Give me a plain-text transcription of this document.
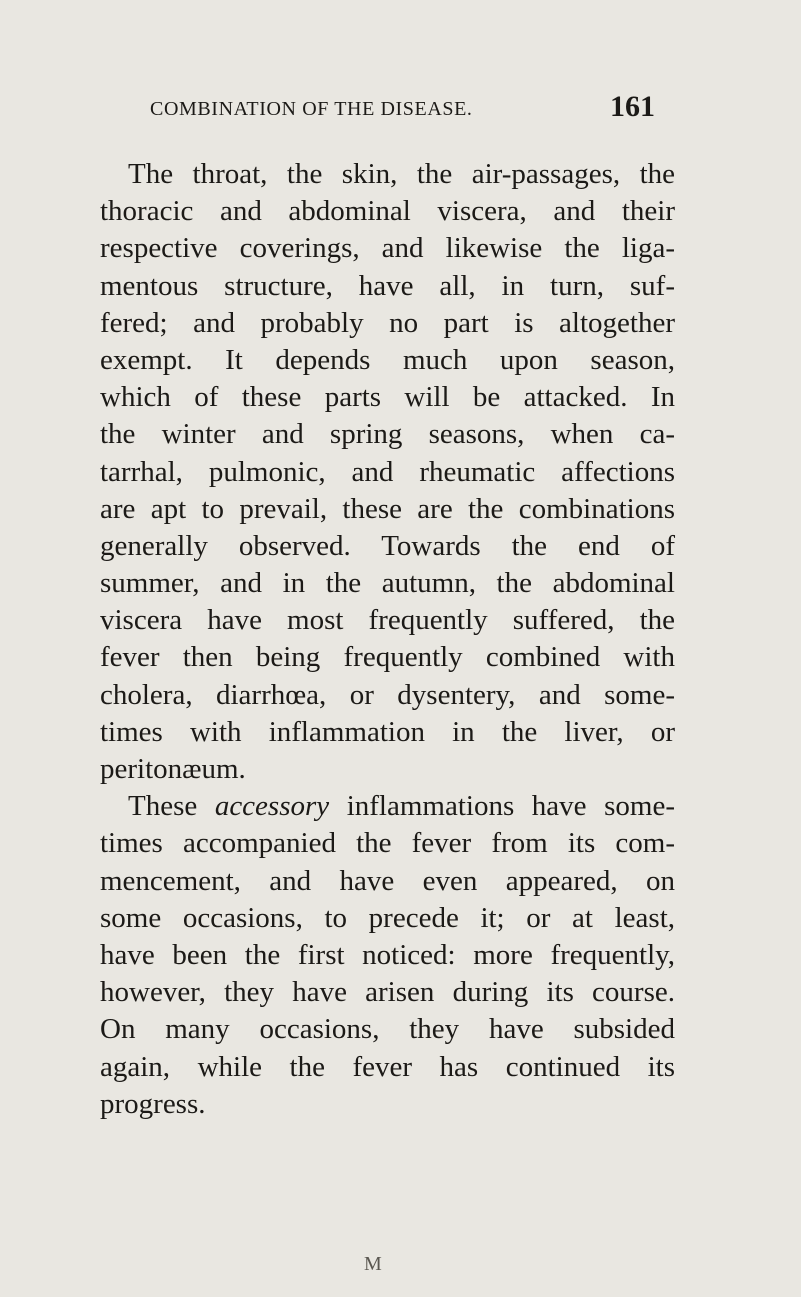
COMBINATION OF THE DISEASE.	161
The throat, the skin, the air-passages, the
thoracic and abdominal viscera, and their
respective coverings, and likewise the liga-
mentous structure, have all, in turn, suf-
fered; and probably no part is altogether
exempt. It depends much upon season,
which of these parts will be attacked. In
the winter and spring seasons, when ca-
tarrhal, pulmonic, and rheumatic affections
are apt to prevail, these are the combinations
generally observed. Towards the end of
summer, and in the autumn, the abdominal
viscera have most frequently suffered, the
fever then being frequently combined with
cholera, diarrhœa, or dysentery, and some-
times with inflammation in the liver, or
peritonæum.
These accessory inflammations have some-
times accompanied the fever from its com-
mencement, and have even appeared, on
some occasions, to precede it; or at least,
have been the first noticed: more frequently,
however, they have arisen during its course.
On many occasions, they have subsided
again, while the fever has continued its
progress.
M
